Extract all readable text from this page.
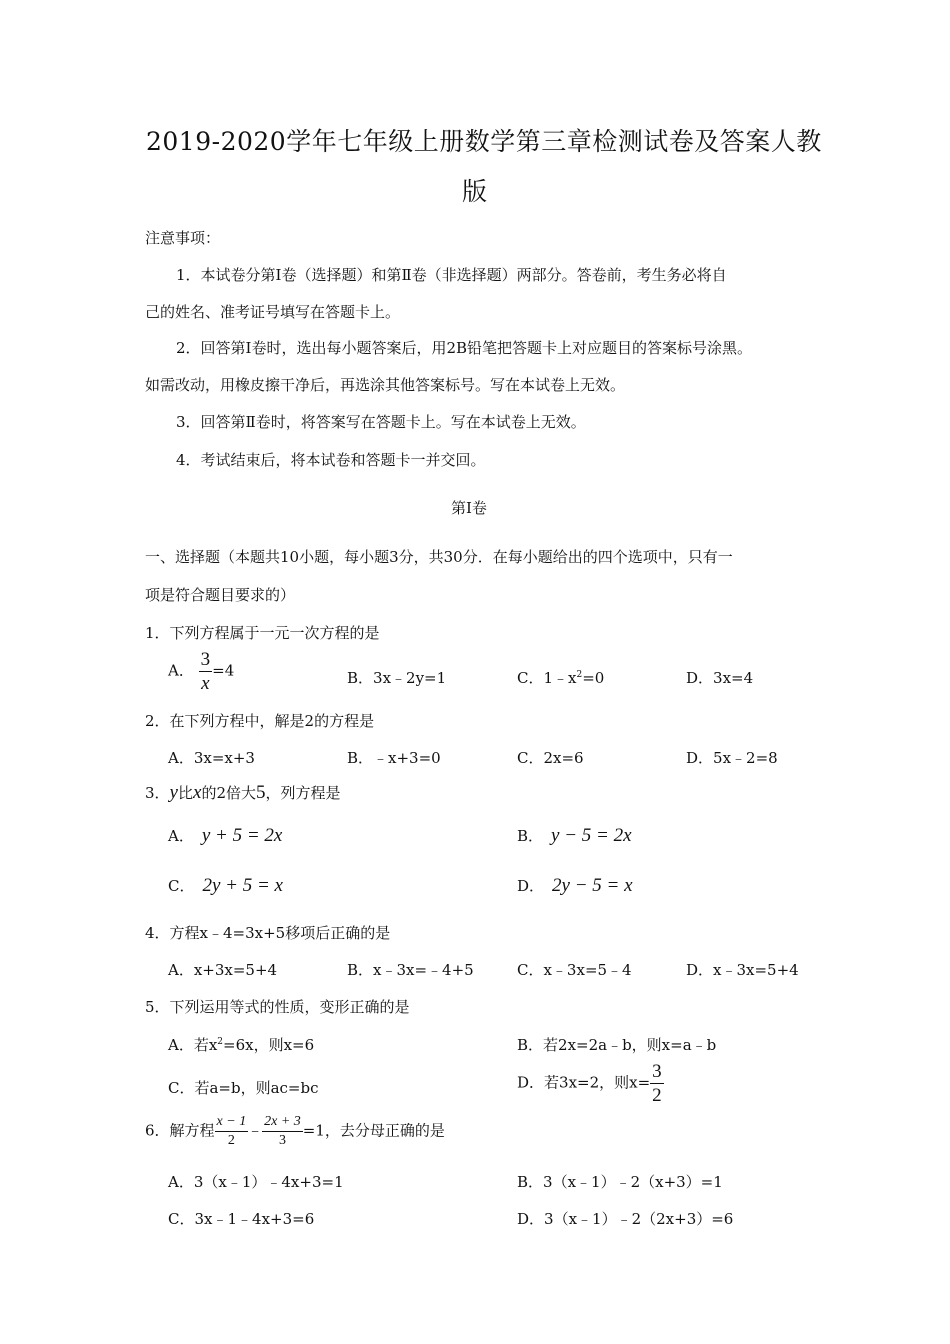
2019-2020学年七年级上册数学第三章检测试卷及答案人教
版
注意事项：
1．本试卷分第Ⅰ卷（选择题）和第Ⅱ卷（非选择题）两部分。答卷前，考生务必将自
己的姓名、准考证号填写在答题卡上。
2．回答第Ⅰ卷时，选出每小题答案后，用2B铅笔把答题卡上对应题目的答案标号涂黑。
如需改动，用橡皮擦干净后，再选涂其他答案标号。写在本试卷上无效。
3．回答第Ⅱ卷时，将答案写在答题卡上。写在本试卷上无效。
4．考试结束后，将本试卷和答题卡一并交回。
第Ⅰ卷
一、选择题（本题共10小题，每小题3分，共30分．在每小题给出的四个选项中，只有一
项是符合题目要求的）
1．下列方程属于一元一次方程的是
A． $\frac{3}{x} =4$	B．3x﹣2y=1	C．$1﹣x^2=0$	D．3x=4
2．在下列方程中，解是2的方程是
A．3x=x+3	B．﹣x+3=0	C．2x=6	D．5x﹣2=8
3．y比x的2倍大5，列方程是
A． y + 5 = 2x	B． y − 5 = 2x
C． 2y + 5 = x	D． 2y − 5 = x
4．方程x﹣4=3x+5移项后正确的是
A．x+3x=5+4	B．x﹣3x=﹣4+5	C．x﹣3x=5﹣4	D．x﹣3x=5+4
5．下列运用等式的性质，变形正确的是
A．若$x^2=6x$，则x=6	B．若2x=2a﹣b，则x=a﹣b
C．若a=b，则ac=bc	D．若3x=2，则$x= \frac{3}{2}$
6．解方程 $\frac{x - 1}{2} - \frac{2x + 3}{3} =1$，去分母正确的是
A．3（x﹣1）﹣4x+3=1	B．3（x﹣1）﹣2（x+3）=1
C．3x﹣1﹣4x+3=6	D．3（x﹣1）﹣2（2x+3）=6
